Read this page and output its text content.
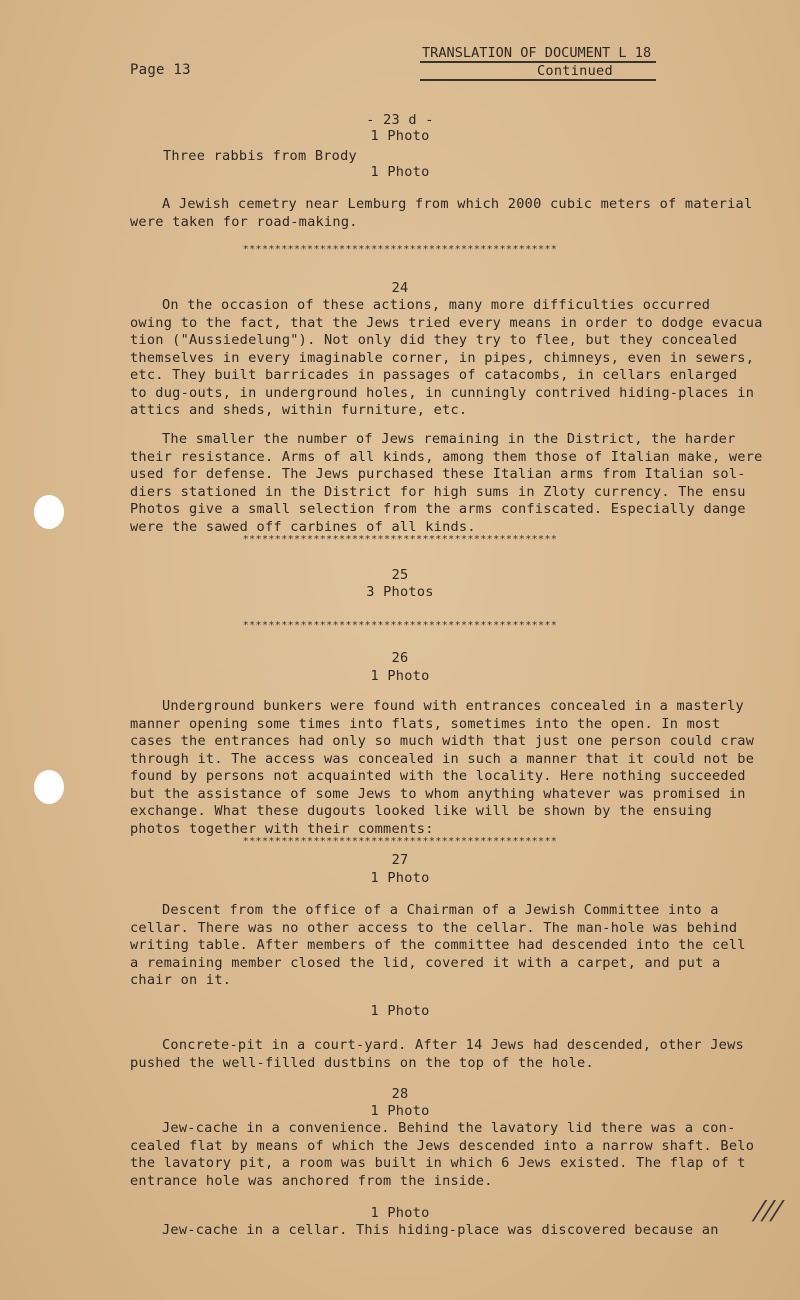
Page 13
TRANSLATION OF DOCUMENT L 18
Continued
- 23 d -
1 Photo
Three rabbis from Brody
1 Photo
A Jewish cemetry near Lemburg from which 2000 cubic meters of material
were taken for road-making.
*************************************************
24
On the occasion of these actions, many more difficulties occurred
owing to the fact, that the Jews tried every means in order to dodge evacua
tion ("Aussiedelung"). Not only did they try to flee, but they concealed
themselves in every imaginable corner, in pipes, chimneys, even in sewers,
etc. They built barricades in passages of catacombs, in cellars enlarged
to dug-outs, in underground holes, in cunningly contrived hiding-places in
attics and sheds, within furniture, etc.
The smaller the number of Jews remaining in the District, the harder
their resistance. Arms of all kinds, among them those of Italian make, were
used for defense. The Jews purchased these Italian arms from Italian sol-
diers stationed in the District for high sums in Zloty currency. The ensu
Photos give a small selection from the arms confiscated. Especially dange
were the sawed off carbines of all kinds.
*************************************************
25
3 Photos
*************************************************
26
1 Photo
Underground bunkers were found with entrances concealed in a masterly
manner opening some times into flats, sometimes into the open. In most
cases the entrances had only so much width that just one person could craw
through it. The access was concealed in such a manner that it could not be
found by persons not acquainted with the locality. Here nothing succeeded
but the assistance of some Jews to whom anything whatever was promised in
exchange. What these dugouts looked like will be shown by the ensuing
photos together with their comments:
*************************************************
27
1 Photo
Descent from the office of a Chairman of a Jewish Committee into a
cellar. There was no other access to the cellar. The man-hole was behind
writing table. After members of the committee had descended into the cell
a remaining member closed the lid, covered it with a carpet, and put a
chair on it.
1 Photo
Concrete-pit in a court-yard. After 14 Jews had descended, other Jews
pushed the well-filled dustbins on the top of the hole.
28
1 Photo
Jew-cache in a convenience. Behind the lavatory lid there was a con-
cealed flat by means of which the Jews descended into a narrow shaft. Belo
the lavatory pit, a room was built in which 6 Jews existed. The flap of t
entrance hole was anchored from the inside.
1 Photo
Jew-cache in a cellar. This hiding-place was discovered because an
///
